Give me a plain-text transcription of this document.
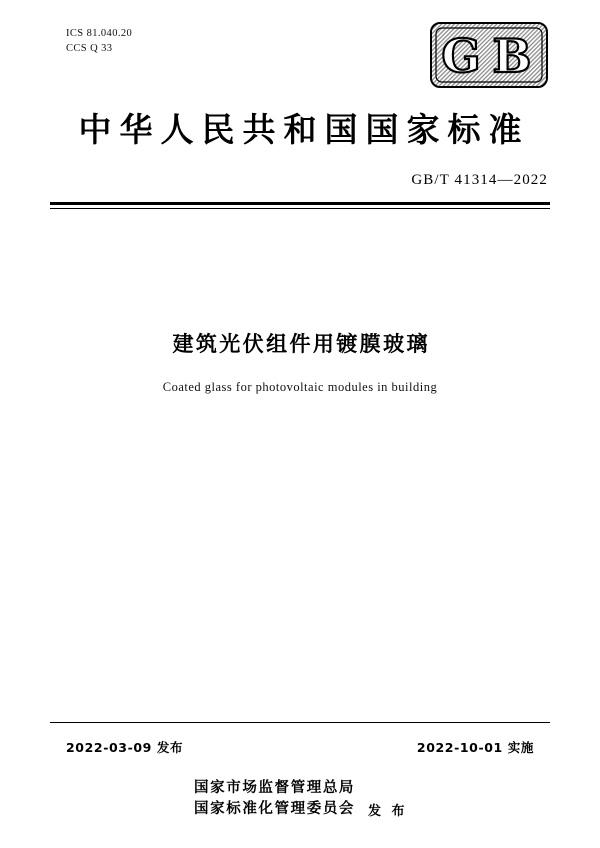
ICS 81.040.20
CCS Q 33	G B
中华人民共和国国家标准
GB/T 41314—2022
建筑光伏组件用镀膜玻璃
Coated glass for photovoltaic modules in building
2022-03-09 发布	2022-10-01 实施
国家市场监督管理总局
国家标准化管理委员会 发 布
